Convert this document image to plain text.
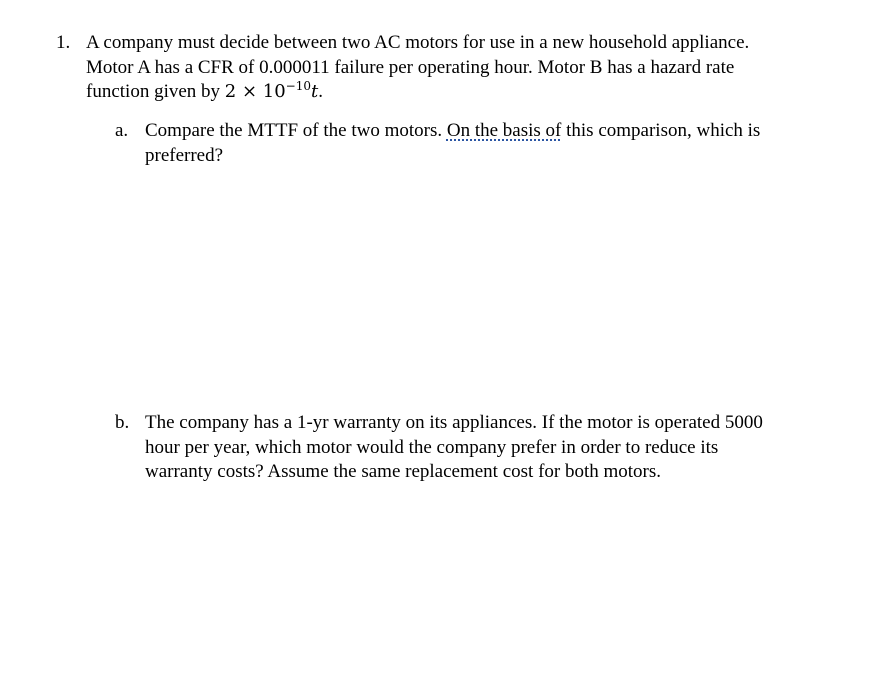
1. A company must decide between two AC motors for use in a new household appliance.
Motor A has a CFR of 0.000011 failure per operating hour. Motor B has a hazard rate
function given by $2 \times 10^{-10}t$.
a. Compare the MTTF of the two motors. On the basis of this comparison, which is
preferred?
b. The company has a 1-yr warranty on its appliances. If the motor is operated 5000
hour per year, which motor would the company prefer in order to reduce its
warranty costs? Assume the same replacement cost for both motors.
